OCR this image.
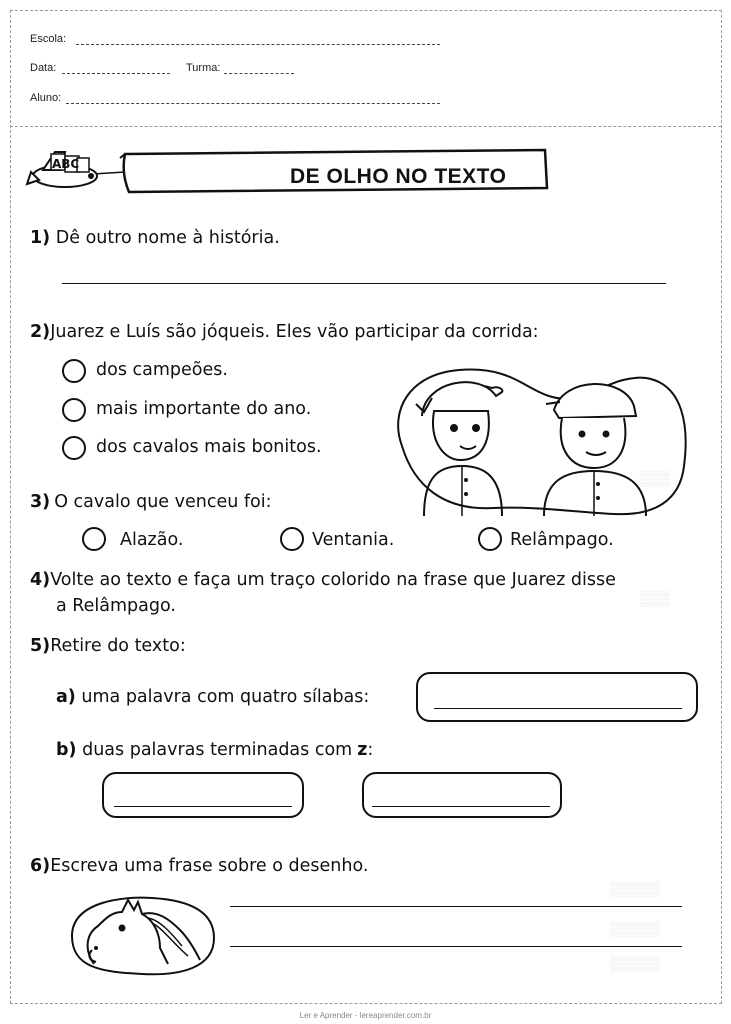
Escola:
Data:	Turma:
Aluno:
▒▒▒
▒▒▒
▒▒▒▒▒
▒▒▒▒▒
▒▒▒▒▒
ABC
DE OLHO NO TEXTO
1) Dê outro nome à história.
2)Juarez e Luís são jóqueis. Eles vão participar da corrida:
dos campeões.
mais importante do ano.
dos cavalos mais bonitos.
3) O cavalo que venceu foi:
Alazão.	Ventania.	Relâmpago.
4)Volte ao texto e faça um traço colorido na frase que Juarez disse
a Relâmpago.
5)Retire do texto:
a) uma palavra com quatro sílabas:
b) duas palavras terminadas com z:
6)Escreva uma frase sobre o desenho.
Ler e Aprender - lereaprender.com.br
